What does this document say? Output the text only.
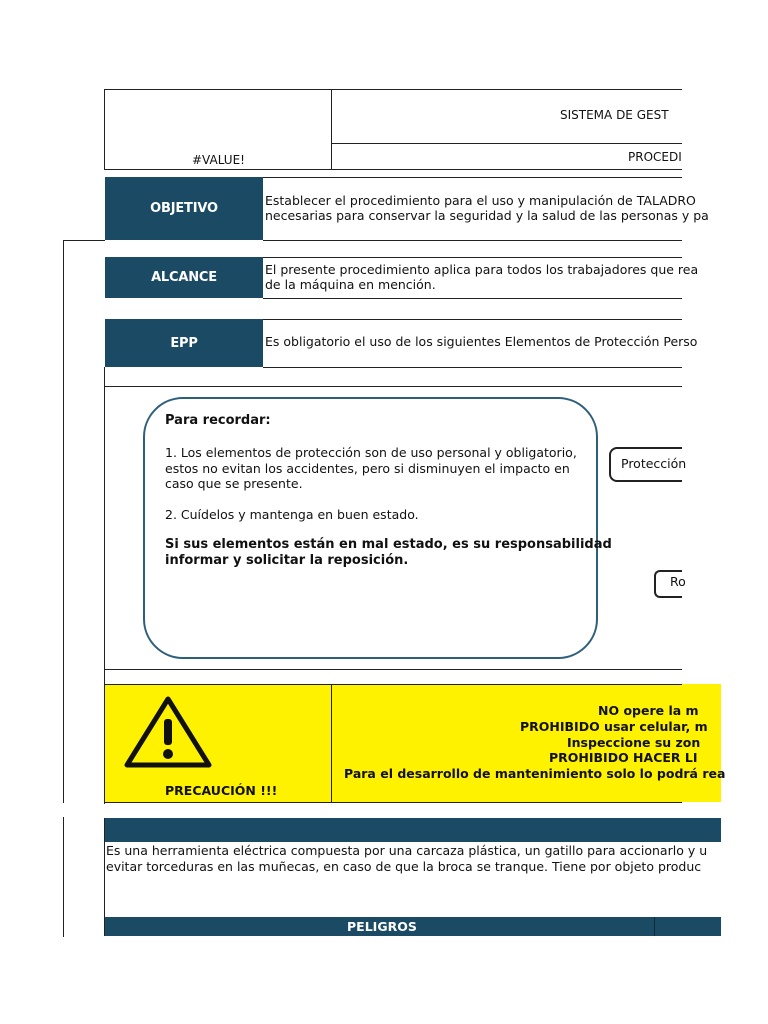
SISTEMA DE GEST
PROCEDI
#VALUE!
OBJETIVO
Establecer el procedimiento para el uso y manipulación de TALADRO
necesarias para conservar la seguridad y la salud de las personas y pa
ALCANCE
El presente procedimiento aplica para todos los trabajadores que rea
de la máquina en mención.
EPP	Es obligatorio el uso de los siguientes Elementos de Protección Perso
Para recordar:
1. Los elementos de protección son de uso personal y obligatorio,
estos no evitan los accidentes, pero si disminuyen el impacto en
caso que se presente.
2. Cuídelos y mantenga en buen estado.
Si sus elementos están en mal estado, es su responsabilidad
informar y solicitar la reposición.
Protección
Ro
PRECAUCIÓN !!!
NO opere la m
PROHIBIDO usar celular, m
Inspeccione su zon
PROHIBIDO HACER LI
Para el desarrollo de mantenimiento solo lo podrá rea
Es una herramienta eléctrica compuesta por una carcaza plástica, un gatillo para accionarlo y u
evitar torceduras en las muñecas, en caso de que la broca se tranque. Tiene por objeto produc
PELIGROS
